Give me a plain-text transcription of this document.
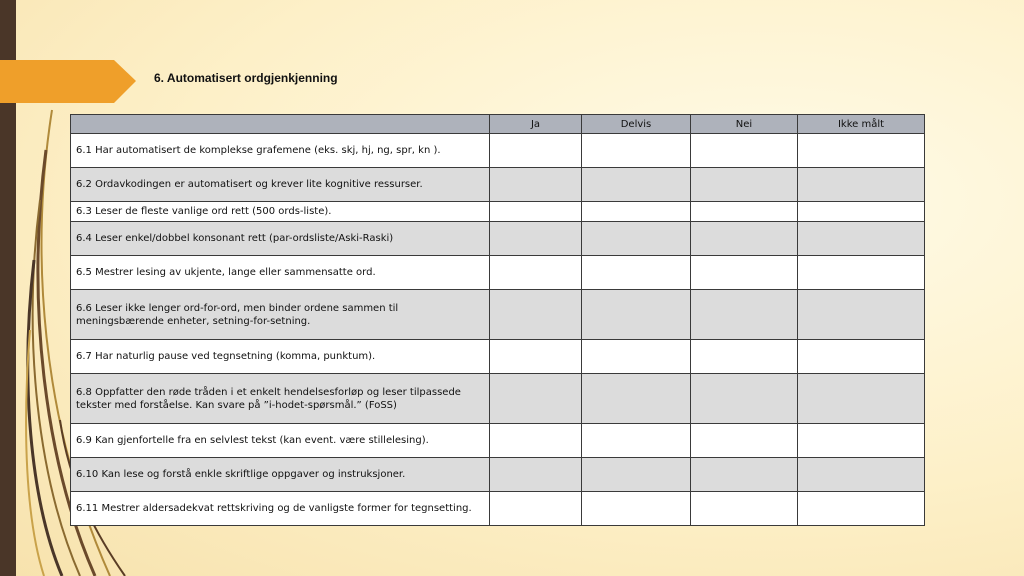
6. Automatisert ordgjenkjenning
	Ja	Delvis	Nei	Ikke målt
6.1 Har automatisert de komplekse grafemene (eks. skj, hj, ng, spr, kn ).				
6.2 Ordavkodingen er automatisert og krever lite kognitive ressurser.				
6.3 Leser de fleste vanlige ord rett (500 ords-liste).				
6.4 Leser enkel/dobbel konsonant rett (par-ordsliste/Aski-Raski)				
6.5 Mestrer lesing av ukjente, lange eller sammensatte ord.				
6.6 Leser ikke lenger ord-for-ord, men binder ordene sammen til meningsbærende enheter, setning-for-setning.				
6.7 Har naturlig pause ved tegnsetning (komma, punktum).				
6.8 Oppfatter den røde tråden i et enkelt hendelsesforløp og leser tilpassede tekster med forståelse. Kan svare på ”i-hodet-spørsmål.” (FoSS)				
6.9 Kan gjenfortelle fra en selvlest tekst (kan event. være stillelesing).				
6.10 Kan lese og forstå enkle skriftlige oppgaver og instruksjoner.				
6.11 Mestrer aldersadekvat rettskriving og de vanligste former for tegnsetting.				
